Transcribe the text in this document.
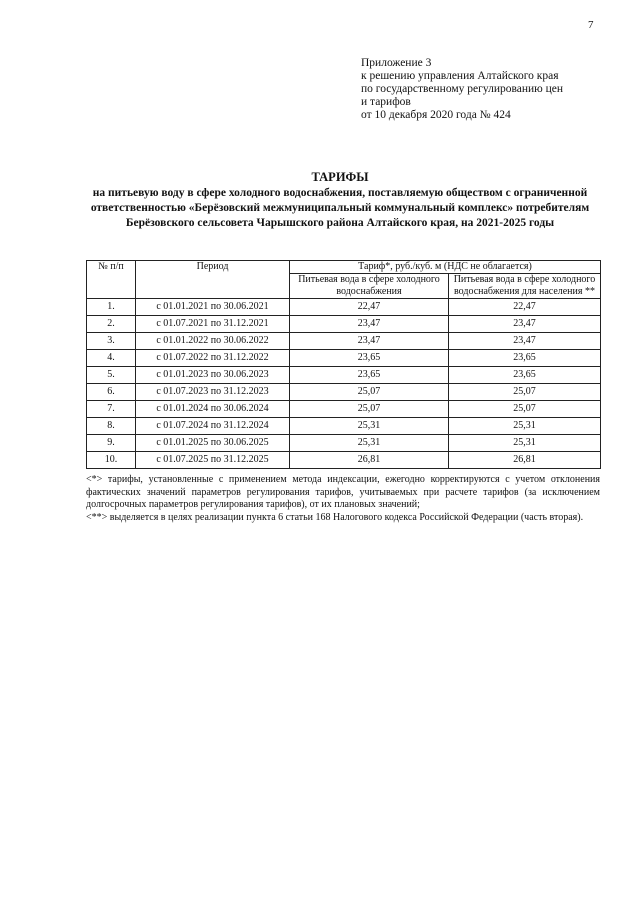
7
Приложение 3
к решению управления Алтайского края
по государственному регулированию цен
и тарифов
от 10 декабря 2020 года № 424
ТАРИФЫ
на питьевую воду в сфере холодного водоснабжения, поставляемую обществом с ограниченной ответственностью «Берёзовский межмуниципальный коммунальный комплекс» потребителям Берёзовского сельсовета Чарышского района Алтайского края, на 2021-2025 годы
№ п/п	Период	Тариф*, руб./куб. м (НДС не облагается)	
		Питьевая вода в сфере холодного водоснабжения	Питьевая вода в сфере холодного водоснабжения для населения **
1.	с 01.01.2021 по 30.06.2021	22,47	22,47
2.	с 01.07.2021 по 31.12.2021	23,47	23,47
3.	с 01.01.2022 по 30.06.2022	23,47	23,47
4.	с 01.07.2022 по 31.12.2022	23,65	23,65
5.	с 01.01.2023 по 30.06.2023	23,65	23,65
6.	с 01.07.2023 по 31.12.2023	25,07	25,07
7.	с 01.01.2024 по 30.06.2024	25,07	25,07
8.	с 01.07.2024 по 31.12.2024	25,31	25,31
9.	с 01.01.2025 по 30.06.2025	25,31	25,31
10.	с 01.07.2025 по 31.12.2025	26,81	26,81

<*> тарифы, установленные с применением метода индексации, ежегодно корректируются с учетом отклонения фактических значений параметров регулирования тарифов, учитываемых при расчете тарифов (за исключением долгосрочных параметров регулирования тарифов), от их плановых значений;

<**> выделяется в целях реализации пункта 6 статьи 168 Налогового кодекса Российской Федерации (часть вторая).
